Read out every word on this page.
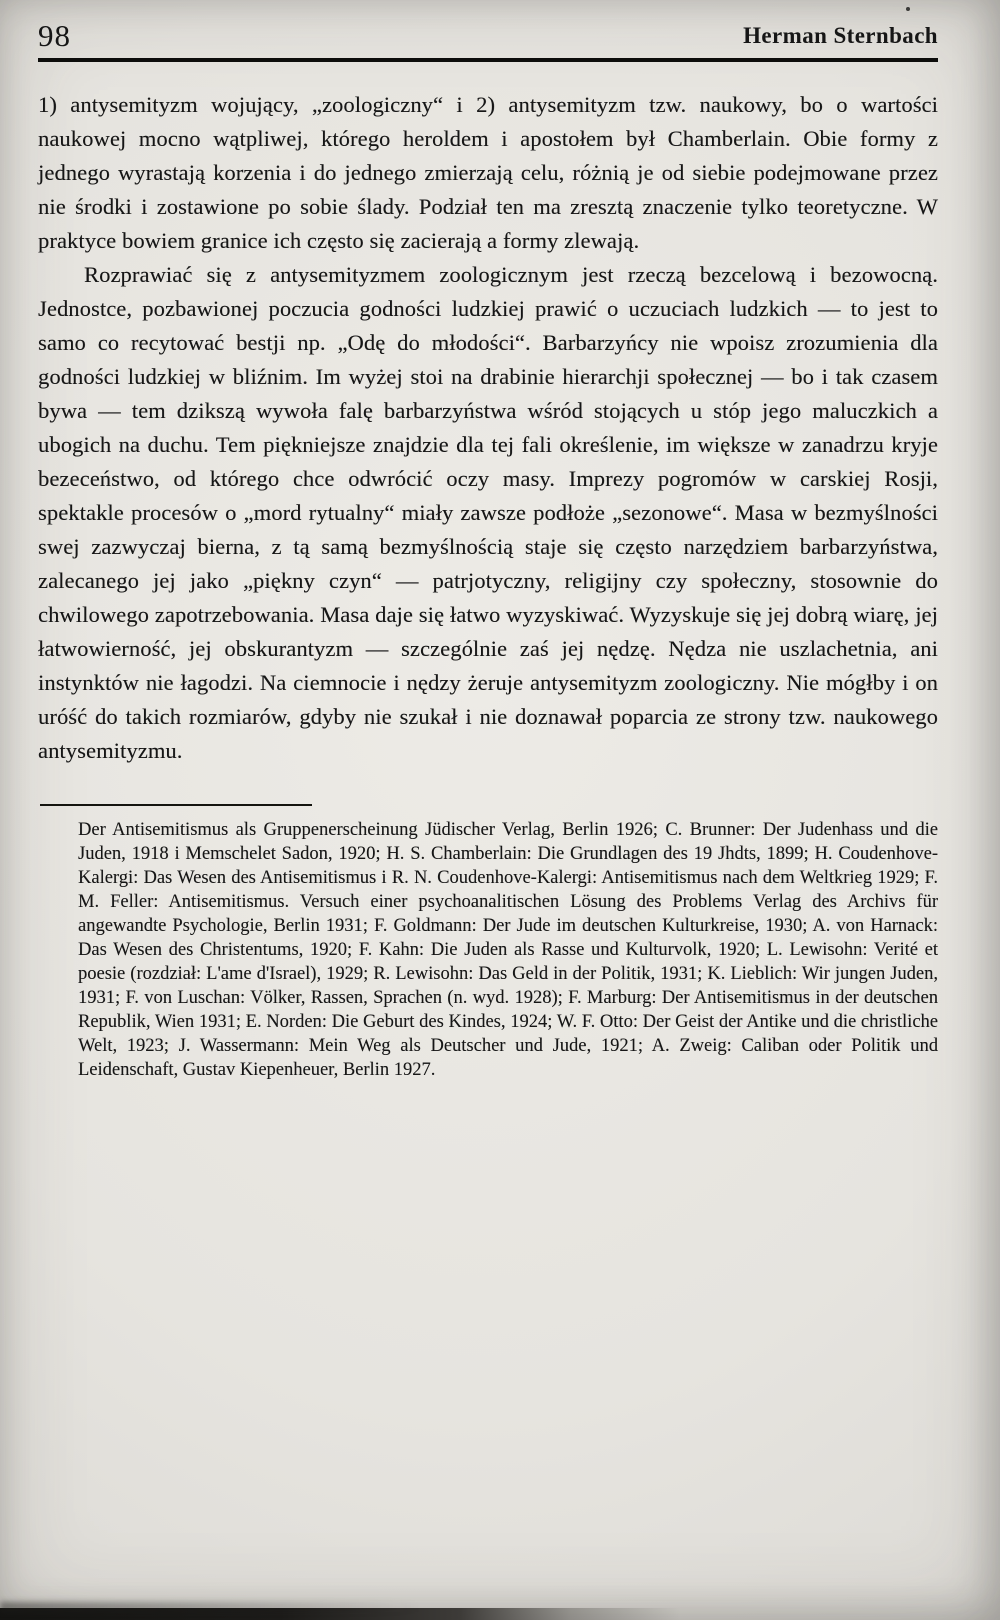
98	Herman Sternbach

1) antysemityzm wojujący, „zoologiczny“ i 2) antysemityzm tzw. naukowy, bo o wartości naukowej mocno wątpliwej, którego heroldem i apostołem był Chamberlain. Obie formy z jednego wyrastają korzenia i do jednego zmierzają celu, różnią je od siebie podejmowane przez nie środki i zostawione po sobie ślady. Podział ten ma zresztą znaczenie tylko teoretyczne. W praktyce bowiem granice ich często się zacierają a formy zlewają.

Rozprawiać się z antysemityzmem zoologicznym jest rzeczą bezcelową i bezowocną. Jednostce, pozbawionej poczucia godności ludzkiej prawić o uczuciach ludzkich — to jest to samo co recytować bestji np. „Odę do młodości“. Barbarzyńcy nie wpoisz zrozumienia dla godności ludzkiej w bliźnim. Im wyżej stoi na drabinie hierarchji społecznej — bo i tak czasem bywa — tem dzikszą wywoła falę barbarzyństwa wśród stojących u stóp jego maluczkich a ubogich na duchu. Tem piękniejsze znajdzie dla tej fali określenie, im większe w zanadrzu kryje bezeceństwo, od którego chce odwrócić oczy masy. Imprezy pogromów w carskiej Rosji, spektakle procesów o „mord rytualny“ miały zawsze podłoże „sezonowe“. Masa w bezmyślności swej zazwyczaj bierna, z tą samą bezmyślnością staje się często narzędziem barbarzyństwa, zalecanego jej jako „piękny czyn“ — patrjotyczny, religijny czy społeczny, stosownie do chwilowego zapotrzebowania. Masa daje się łatwo wyzyskiwać. Wyzyskuje się jej dobrą wiarę, jej łatwowierność, jej obskurantyzm — szczególnie zaś jej nędzę. Nędza nie uszlachetnia, ani instynktów nie łagodzi. Na ciemnocie i nędzy żeruje antysemityzm zoologiczny. Nie mógłby i on uróść do takich rozmiarów, gdyby nie szukał i nie doznawał poparcia ze strony tzw. naukowego antysemityzmu.

Der Antisemitismus als Gruppenerscheinung Jüdischer Verlag, Berlin 1926; C. Brunner: Der Judenhass und die Juden, 1918 i Memschelet Sadon, 1920; H. S. Chamberlain: Die Grundlagen des 19 Jhdts, 1899; H. Coudenhove-Kalergi: Das Wesen des Antisemitismus i R. N. Coudenhove-Kalergi: Antisemitismus nach dem Weltkrieg 1929; F. M. Feller: Antisemitismus. Versuch einer psychoanalitischen Lösung des Problems Verlag des Archivs für angewandte Psychologie, Berlin 1931; F. Goldmann: Der Jude im deutschen Kulturkreise, 1930; A. von Harnack: Das Wesen des Christentums, 1920; F. Kahn: Die Juden als Rasse und Kulturvolk, 1920; L. Lewisohn: Verité et poesie (rozdział: L'ame d'Israel), 1929; R. Lewisohn: Das Geld in der Politik, 1931; K. Lieblich: Wir jungen Juden, 1931; F. von Luschan: Völker, Rassen, Sprachen (n. wyd. 1928); F. Marburg: Der Antisemitismus in der deutschen Republik, Wien 1931; E. Norden: Die Geburt des Kindes, 1924; W. F. Otto: Der Geist der Antike und die christliche Welt, 1923; J. Wassermann: Mein Weg als Deutscher und Jude, 1921; A. Zweig: Caliban oder Politik und Leidenschaft, Gustav Kiepenheuer, Berlin 1927.
